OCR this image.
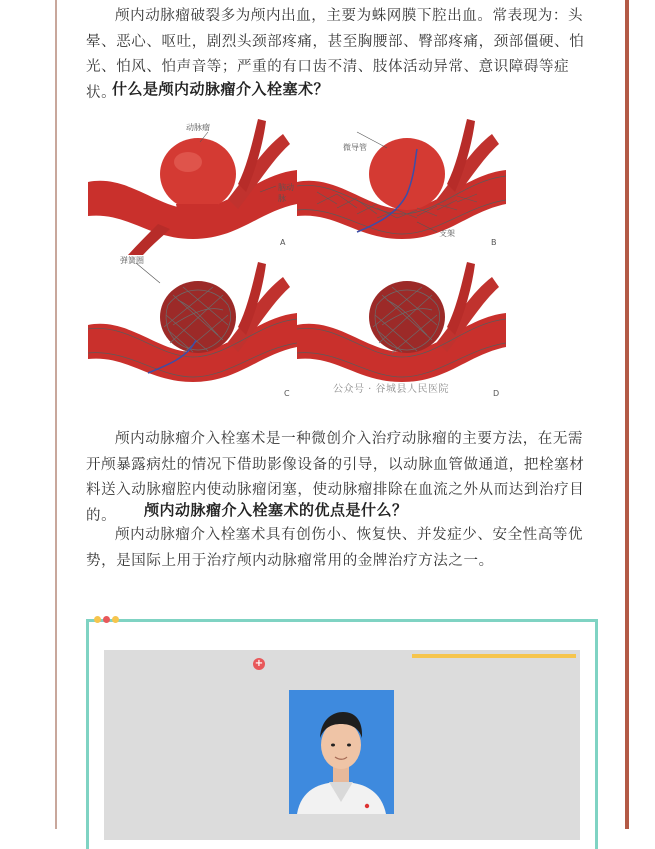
颅内动脉瘤破裂多为颅内出血，主要为蛛网膜下腔出血。常表现为：头晕、恶心、呕吐，剧烈头颈部疼痛，甚至胸腰部、臀部疼痛，颈部僵硬、怕光、怕风、怕声音等；严重的有口齿不清、肢体活动异常、意识障碍等症状。

什么是颅内动脉瘤介入栓塞术？
动脉瘤
脑动脉
A
微导管
支架
B
弹簧圈
C	D
公众号 · 谷城县人民医院

颅内动脉瘤介入栓塞术是一种微创介入治疗动脉瘤的主要方法，在无需开颅暴露病灶的情况下借助影像设备的引导，以动脉血管做通道，把栓塞材料送入动脉瘤腔内使动脉瘤闭塞，使动脉瘤排除在血流之外从而达到治疗目的。	颅内动脉瘤介入栓塞术的优点是什么？

颅内动脉瘤介入栓塞术具有创伤小、恢复快、并发症少、安全性高等优势，是国际上用于治疗颅内动脉瘤常用的金牌治疗方法之一。

+
